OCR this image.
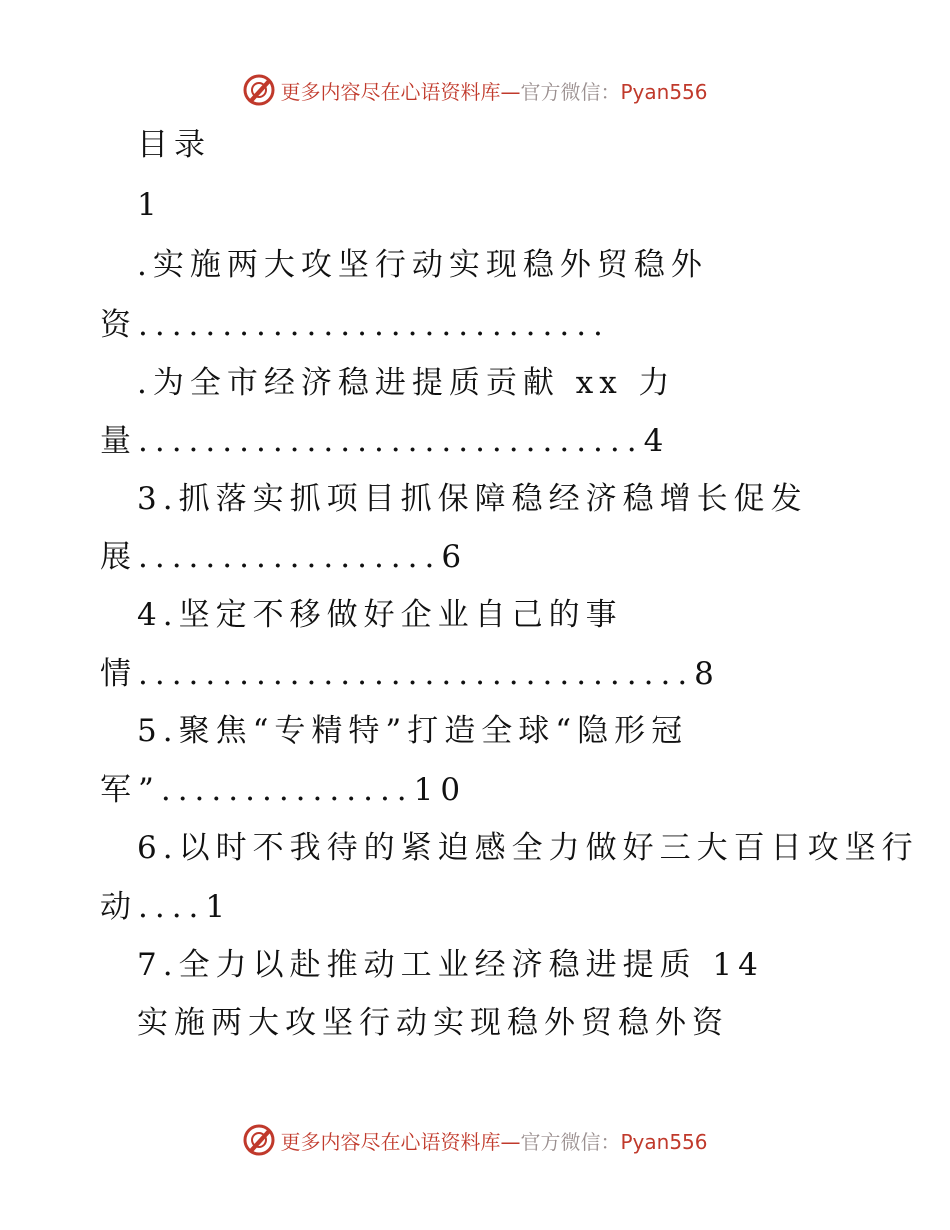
更多内容尽在心语资料库—官方微信：Pyan556
目录
1
.实施两大攻坚行动实现稳外贸稳外
资............................
.为全市经济稳进提质贡献 xx 力
量..............................4
3.抓落实抓项目抓保障稳经济稳增长促发
展..................6
4.坚定不移做好企业自己的事
情.................................8
5.聚焦“专精特”打造全球“隐形冠
军”...............10
6.以时不我待的紧迫感全力做好三大百日攻坚行
动....1
7.全力以赴推动工业经济稳进提质 14
实施两大攻坚行动实现稳外贸稳外资
更多内容尽在心语资料库—官方微信：Pyan556
